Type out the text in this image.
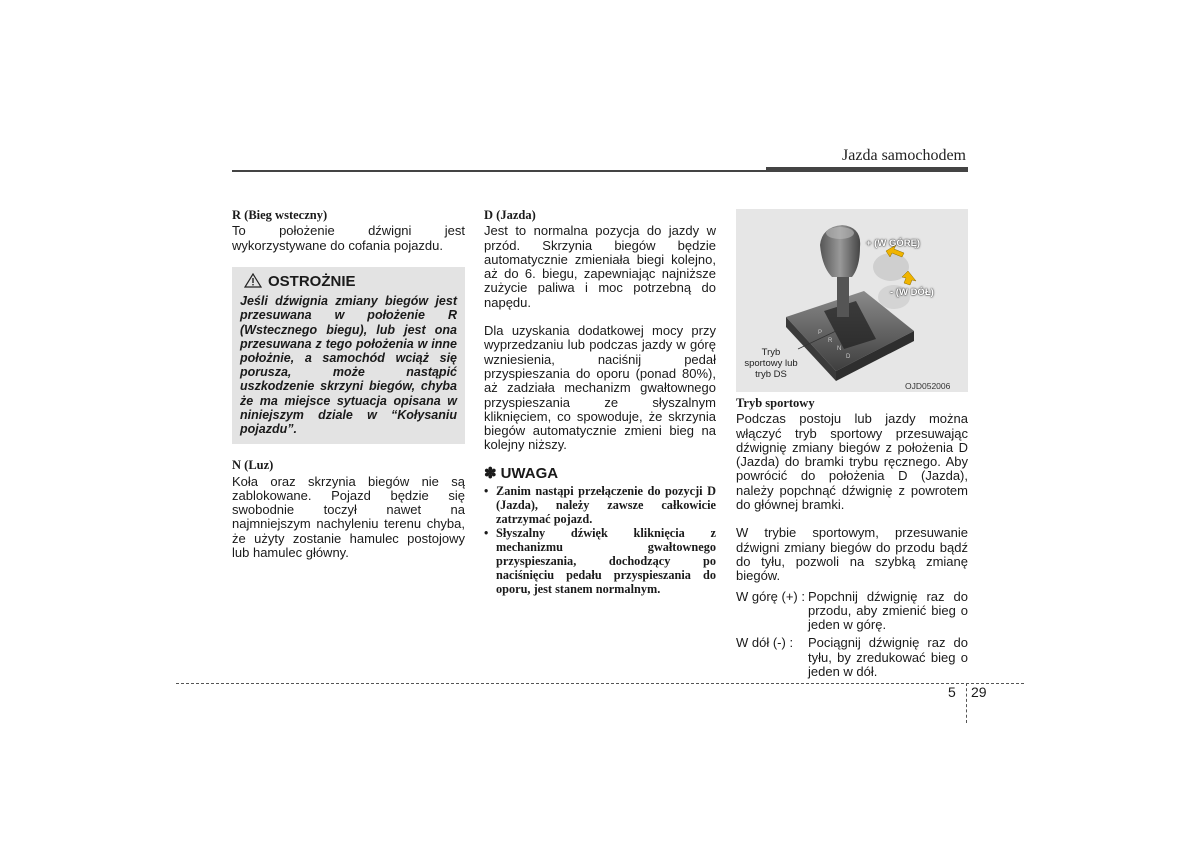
Jazda samochodem
R (Bieg wsteczny)
To położenie dźwigni jest wykorzystywane do cofania pojazdu.
OSTROŻNIE
Jeśli dźwignia zmiany biegów jest przesuwana w położenie R (Wstecznego biegu), lub jest ona przesuwana z tego położenia w inne położnie, a samochód wciąż się porusza, może nastąpić uszkodzenie skrzyni biegów, chyba że ma miejsce sytuacja opisana w niniejszym dziale w “Kołysaniu pojazdu”.
N (Luz)
Koła oraz skrzynia biegów nie są zablokowane. Pojazd będzie się swobodnie toczył nawet na najmniejszym nachyleniu terenu chyba, że użyty zostanie hamulec postojowy lub hamulec główny.
D (Jazda)
Jest to normalna pozycja do jazdy w przód. Skrzynia biegów będzie automatycznie zmieniała biegi kolejno, aż do 6. biegu, zapewniając najniższe zużycie paliwa i moc potrzebną do napędu.
Dla uzyskania dodatkowej mocy przy wyprzedzaniu lub podczas jazdy w górę wzniesienia, naciśnij pedał przyspieszania do oporu (ponad 80%), aż zadziała mechanizm gwałtownego przyspieszania ze słyszalnym kliknięciem, co spowoduje, że skrzynia biegów automatycznie zmieni bieg na kolejny niższy.
✽ UWAGA
• Zanim nastąpi przełączenie do pozycji D (Jazda), należy zawsze całkowicie zatrzymać pojazd.
• Słyszalny dźwięk kliknięcia z mechanizmu gwałtownego przyspieszania, dochodzący po naciśnięciu pedału przyspieszania do oporu, jest stanem normalnym.
P
R
N
D
+ (W GÓRĘ)
- (W DÓŁ)
Tryb sportowy lub tryb DS
OJD052006
Tryb sportowy
Podczas postoju lub jazdy można włączyć tryb sportowy przesuwając dźwignię zmiany biegów z położenia D (Jazda) do bramki trybu ręcznego. Aby powrócić do położenia D (Jazda), należy popchnąć dźwignię z powrotem do głównej bramki.
W trybie sportowym, przesuwanie dźwigni zmiany biegów do przodu bądź do tyłu, pozwoli na szybką zmianę biegów.
W górę (+) : Popchnij dźwignię raz do przodu, aby zmienić bieg o jeden w górę.
W dół (-) :	Pociągnij dźwignię raz do tyłu, by zredukować bieg o jeden w dół.
5 29
